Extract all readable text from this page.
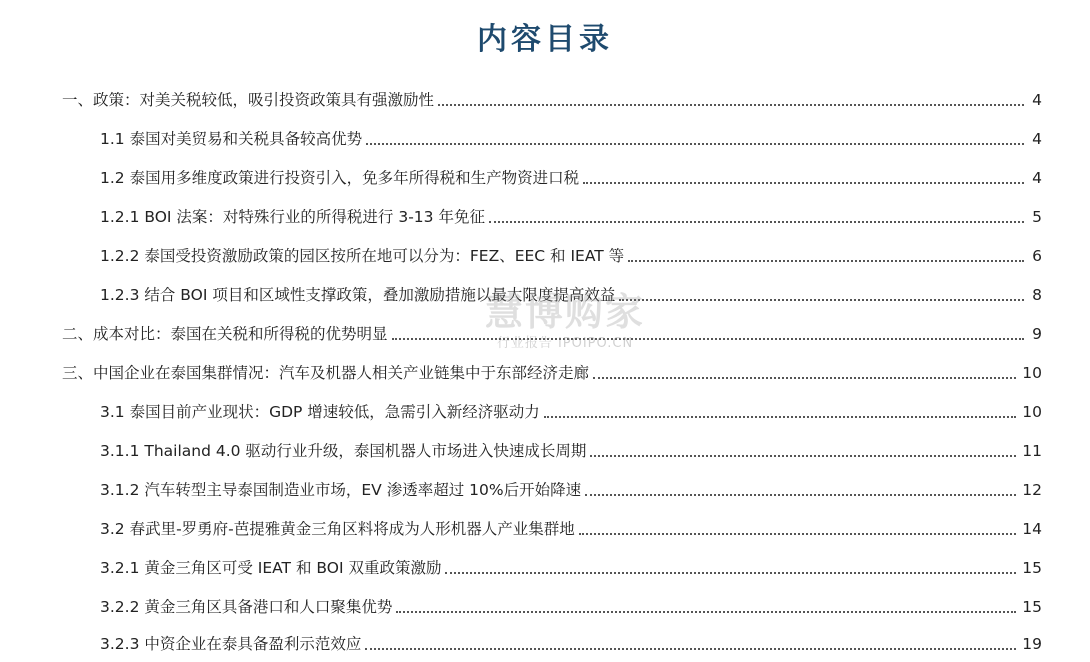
内容目录
一、政策：对美关税较低，吸引投资政策具有强激励性	4
1.1 泰国对美贸易和关税具备较高优势	4
1.2 泰国用多维度政策进行投资引入，免多年所得税和生产物资进口税	4
1.2.1 BOI 法案：对特殊行业的所得税进行 3-13 年免征	5
1.2.2 泰国受投资激励政策的园区按所在地可以分为：FEZ、EEC 和 IEAT 等	6
1.2.3 结合 BOI 项目和区域性支撑政策，叠加激励措施以最大限度提高效益	8
二、成本对比：泰国在关税和所得税的优势明显	9
三、中国企业在泰国集群情况：汽车及机器人相关产业链集中于东部经济走廊	10
3.1 泰国目前产业现状：GDP 增速较低，急需引入新经济驱动力	10
3.1.1 Thailand 4.0 驱动行业升级，泰国机器人市场进入快速成长周期	11
3.1.2 汽车转型主导泰国制造业市场，EV 渗透率超过 10%后开始降速	12
3.2 春武里-罗勇府-芭提雅黄金三角区料将成为人形机器人产业集群地	14
3.2.1 黄金三角区可受 IEAT 和 BOI 双重政策激励	15
3.2.2 黄金三角区具备港口和人口聚集优势	15
3.2.3 中资企业在泰具备盈利示范效应	19
慧博购家
行业报告 IPOIPO.CN
